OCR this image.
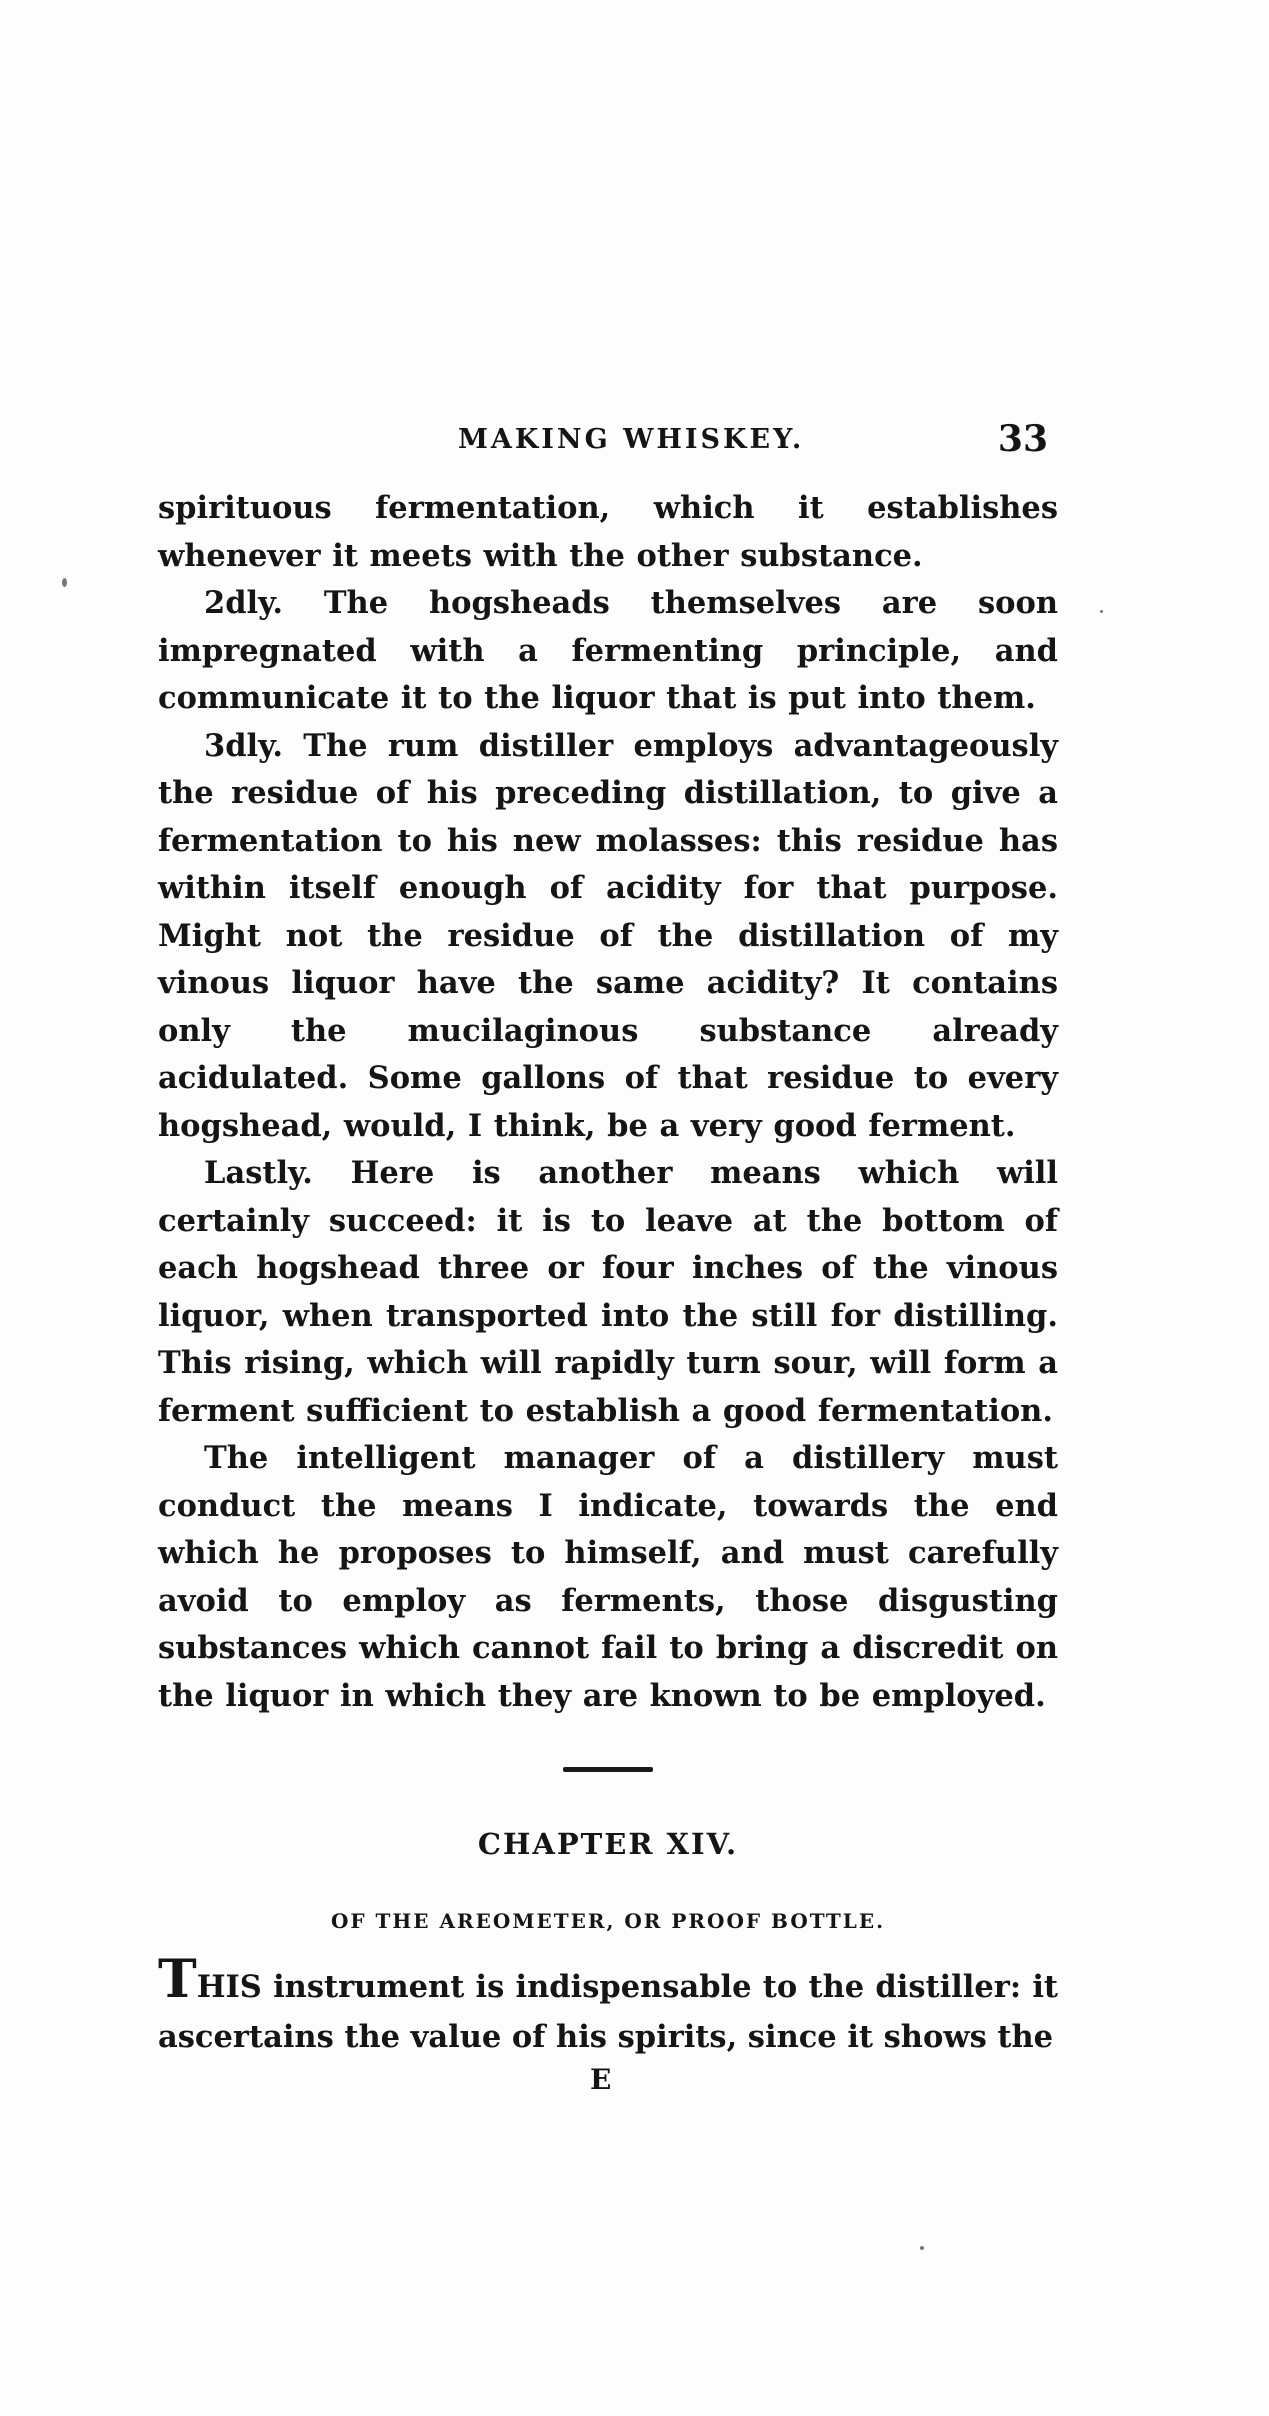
MAKING WHISKEY.	33

spirituous fermentation, which it establishes whenever it meets with the other substance.

2dly. The hogsheads themselves are soon impregnated with a fermenting principle, and communicate it to the liquor that is put into them.

3dly. The rum distiller employs advantageously the residue of his preceding distillation, to give a fermentation to his new molasses: this residue has within itself enough of acidity for that purpose. Might not the residue of the distillation of my vinous liquor have the same acidity? It contains only the mucilaginous substance already acidulated. Some gallons of that residue to every hogshead, would, I think, be a very good ferment.

Lastly. Here is another means which will certainly succeed: it is to leave at the bottom of each hogshead three or four inches of the vinous liquor, when transported into the still for distilling. This rising, which will rapidly turn sour, will form a ferment sufficient to establish a good fermentation.

The intelligent manager of a distillery must conduct the means I indicate, towards the end which he proposes to himself, and must carefully avoid to employ as ferments, those disgusting substances which cannot fail to bring a discredit on the liquor in which they are known to be employed.

CHAPTER XIV.
OF THE AREOMETER, OR PROOF BOTTLE.
THIS instrument is indispensable to the distiller: it ascertains the value of his spirits, since it shows the
E
